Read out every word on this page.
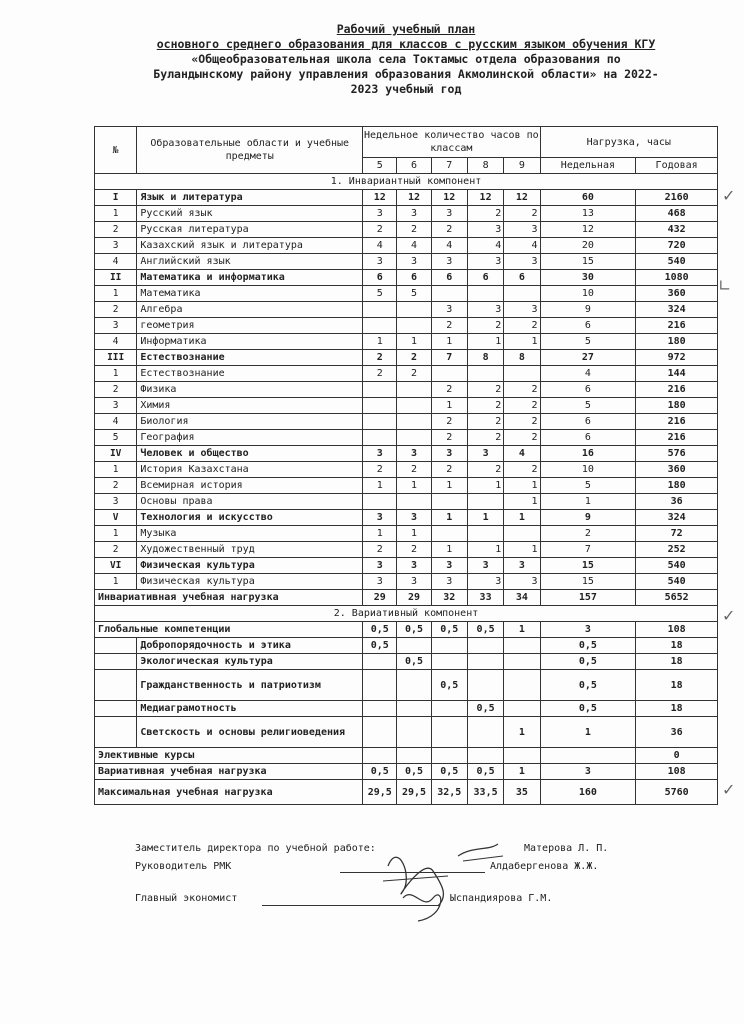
Рабочий учебный план
основного среднего образования для классов с русским языком обучения КГУ
«Общеобразовательная школа села Токтамыс отдела образования по
Буландынскому району управления образования Акмолинской области» на 2022-
2023 учебный год
№	Образовательные области и учебные предметы	Недельное количество часов по классам					Нагрузка, часы	
		5	6	7	8	9	Недельная	Годовая
1. Инвариантный компонент								
I	Язык и литература	12	12	12	12	12	60	2160
1	Русский язык	3	3	3	2	2	13	468
2	Русская литература	2	2	2	3	3	12	432
3	Казахский язык и литература	4	4	4	4	4	20	720
4	Английский язык	3	3	3	3	3	15	540
II	Математика и информатика	6	6	6	6	6	30	1080
1	Математика	5	5				10	360
2	Алгебра			3	3	3	9	324
3	геометрия			2	2	2	6	216
4	Информатика	1	1	1	1	1	5	180
III	Естествознание	2	2	7	8	8	27	972
1	Естествознание	2	2				4	144
2	Физика			2	2	2	6	216
3	Химия			1	2	2	5	180
4	Биология			2	2	2	6	216
5	География			2	2	2	6	216
IV	Человек и общество	3	3	3	3	4	16	576
1	История Казахстана	2	2	2	2	2	10	360
2	Всемирная история	1	1	1	1	1	5	180
3	Основы права					1	1	36
V	Технология и искусство	3	3	1	1	1	9	324
1	Музыка	1	1				2	72
2	Художественный труд	2	2	1	1	1	7	252
VI	Физическая культура	3	3	3	3	3	15	540
1	Физическая культура	3	3	3	3	3	15	540
Инвариативная учебная нагрузка		29	29	32	33	34	157	5652
2. Вариативный компонент								
Глобальные компетенции		0,5	0,5	0,5	0,5	1	3	108
	Добропорядочность и этика	0,5					0,5	18
	Экологическая культура		0,5				0,5	18
	Гражданственность и патриотизм			0,5			0,5	18
	Медиаграмотность				0,5		0,5	18
	Светскость и основы религиоведения					1	1	36
Элективные курсы								0
Вариативная учебная нагрузка		0,5	0,5	0,5	0,5	1	3	108
Максимальная учебная нагрузка		29,5	29,5	32,5	33,5	35	160	5760
Заместитель директора по учебной работе:	Матерова Л. П.
Руководитель РМК	Алдабергенова Ж.Ж.
Главный экономист	Ыспандиярова Г.М.
✓
∟
✓
✓
